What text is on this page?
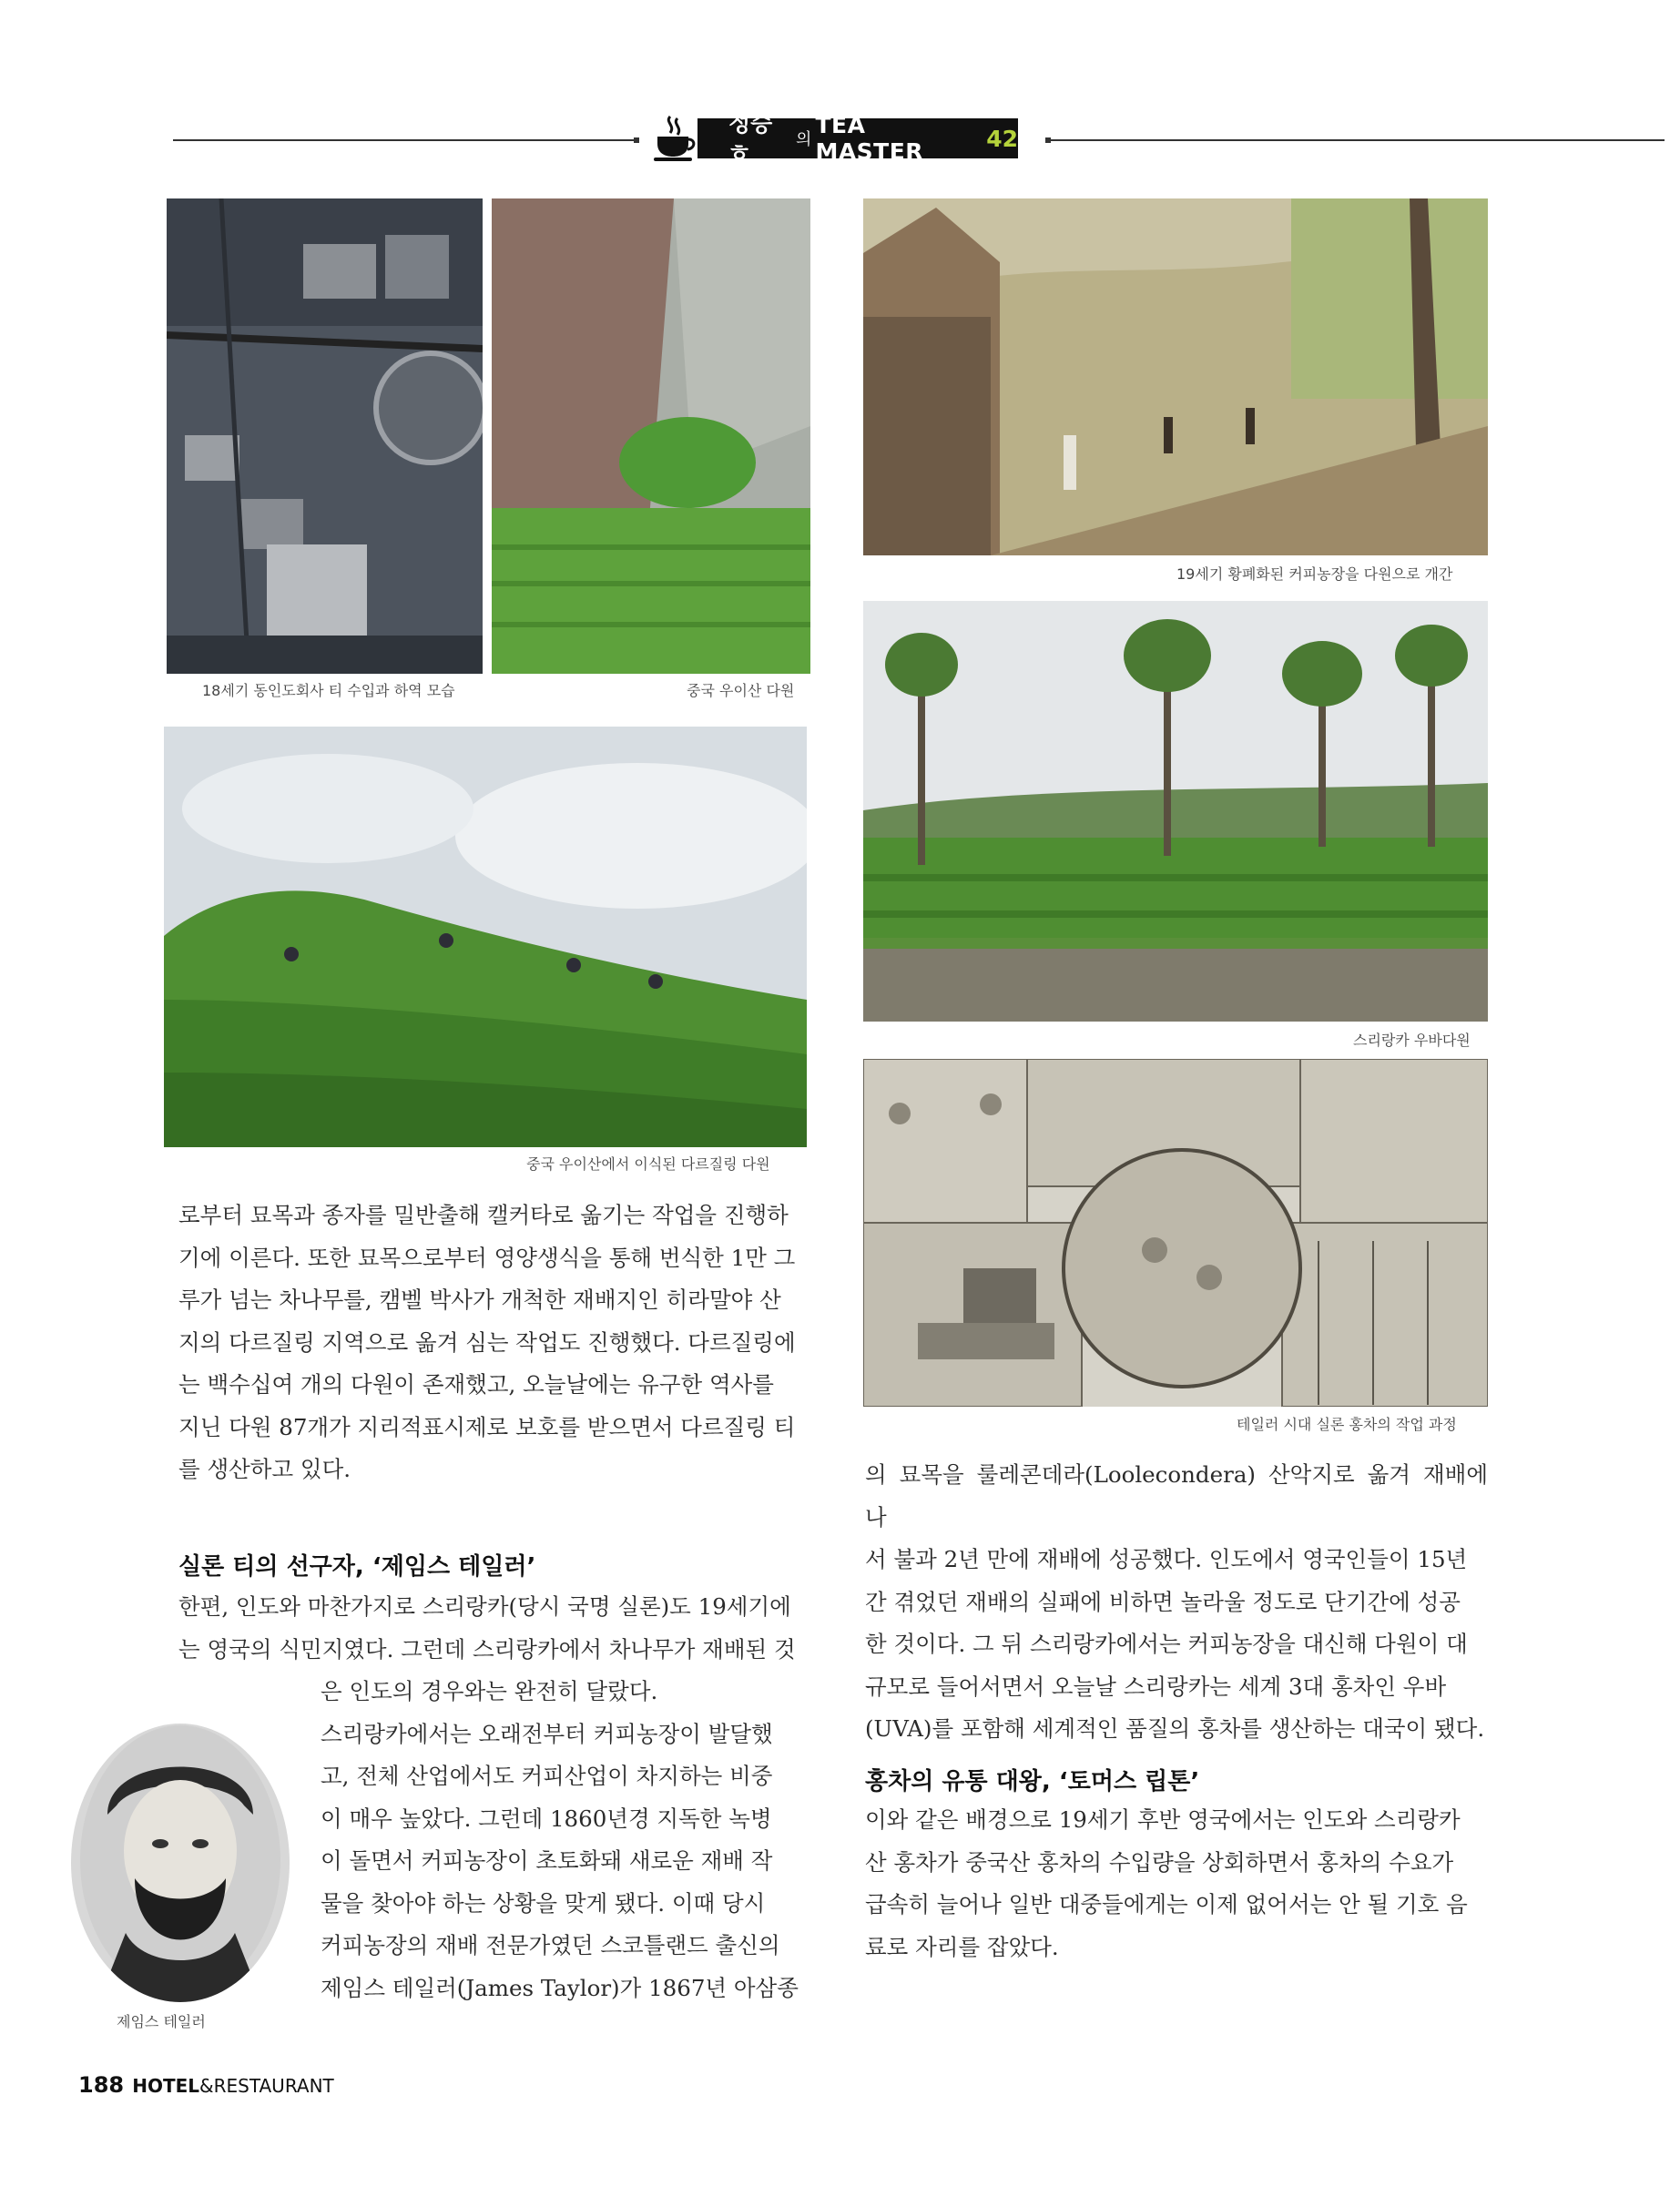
정승호
의
TEA MASTER	42
18세기 동인도회사 티 수입과 하역 모습	중국 우이산 다원
중국 우이산에서 이식된 다르질링 다원
19세기 황폐화된 커피농장을 다원으로 개간
스리랑카 우바다원
테일러 시대 실론 홍차의 작업 과정

로부터 묘목과 종자를 밀반출해 캘커타로 옮기는 작업을 진행하

기에 이른다. 또한 묘목으로부터 영양생식을 통해 번식한 1만 그

루가 넘는 차나무를, 캠벨 박사가 개척한 재배지인 히라말야 산

지의 다르질링 지역으로 옮겨 심는 작업도 진행했다. 다르질링에

는 백수십여 개의 다원이 존재했고, 오늘날에는 유구한 역사를

지닌 다원 87개가 지리적표시제로 보호를 받으면서 다르질링 티

를 생산하고 있다.

실론 티의 선구자, ‘제임스 테일러’

한편, 인도와 마찬가지로 스리랑카(당시 국명 실론)도 19세기에

는 영국의 식민지였다. 그런데 스리랑카에서 차나무가 재배된 것

은 인도의 경우와는 완전히 달랐다.

스리랑카에서는 오래전부터 커피농장이 발달했

고, 전체 산업에서도 커피산업이 차지하는 비중

이 매우 높았다. 그런데 1860년경 지독한 녹병

이 돌면서 커피농장이 초토화돼 새로운 재배 작

물을 찾아야 하는 상황을 맞게 됐다. 이때 당시

커피농장의 재배 전문가였던 스코틀랜드 출신의

제임스 테일러(James Taylor)가 1867년 아삼종

제임스 테일러

의 묘목을 룰레콘데라(Loolecondera) 산악지로 옮겨 재배에 나

서 불과 2년 만에 재배에 성공했다. 인도에서 영국인들이 15년

간 겪었던 재배의 실패에 비하면 놀라울 정도로 단기간에 성공

한 것이다. 그 뒤 스리랑카에서는 커피농장을 대신해 다원이 대

규모로 들어서면서 오늘날 스리랑카는 세계 3대 홍차인 우바

(UVA)를 포함해 세계적인 품질의 홍차를 생산하는 대국이 됐다.

홍차의 유통 대왕, ‘토머스 립톤’

이와 같은 배경으로 19세기 후반 영국에서는 인도와 스리랑카

산 홍차가 중국산 홍차의 수입량을 상회하면서 홍차의 수요가

급속히 늘어나 일반 대중들에게는 이제 없어서는 안 될 기호 음

료로 자리를 잡았다.

188 HOTEL&RESTAURANT
